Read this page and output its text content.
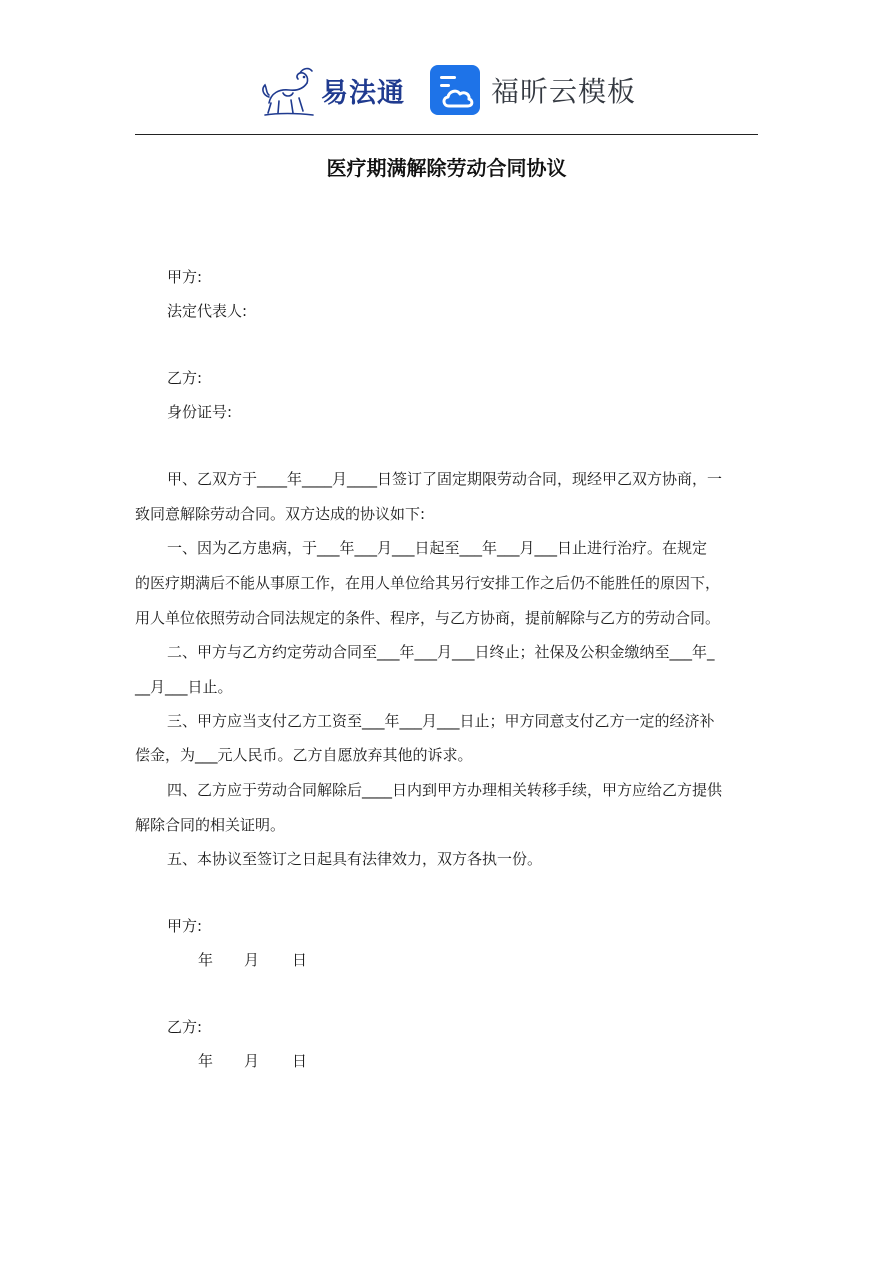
易法通	福昕云模板
医疗期满解除劳动合同协议
甲方:
法定代表人:
乙方:
身份证号:
甲、乙双方于____年____月____日签订了固定期限劳动合同，现经甲乙双方协商，一
致同意解除劳动合同。双方达成的协议如下:
一、因为乙方患病，于___年___月___日起至___年___月___日止进行治疗。在规定
的医疗期满后不能从事原工作，在用人单位给其另行安排工作之后仍不能胜任的原因下，
用人单位依照劳动合同法规定的条件、程序，与乙方协商，提前解除与乙方的劳动合同。
二、甲方与乙方约定劳动合同至___年___月___日终止；社保及公积金缴纳至___年_
__月___日止。
三、甲方应当支付乙方工资至___年___月___日止；甲方同意支付乙方一定的经济补
偿金，为___元人民币。乙方自愿放弃其他的诉求。
四、乙方应于劳动合同解除后____日内到甲方办理相关转移手续，甲方应给乙方提供
解除合同的相关证明。
五、本协议至签订之日起具有法律效力，双方各执一份。
甲方:
年 月 日
乙方:
年 月 日
